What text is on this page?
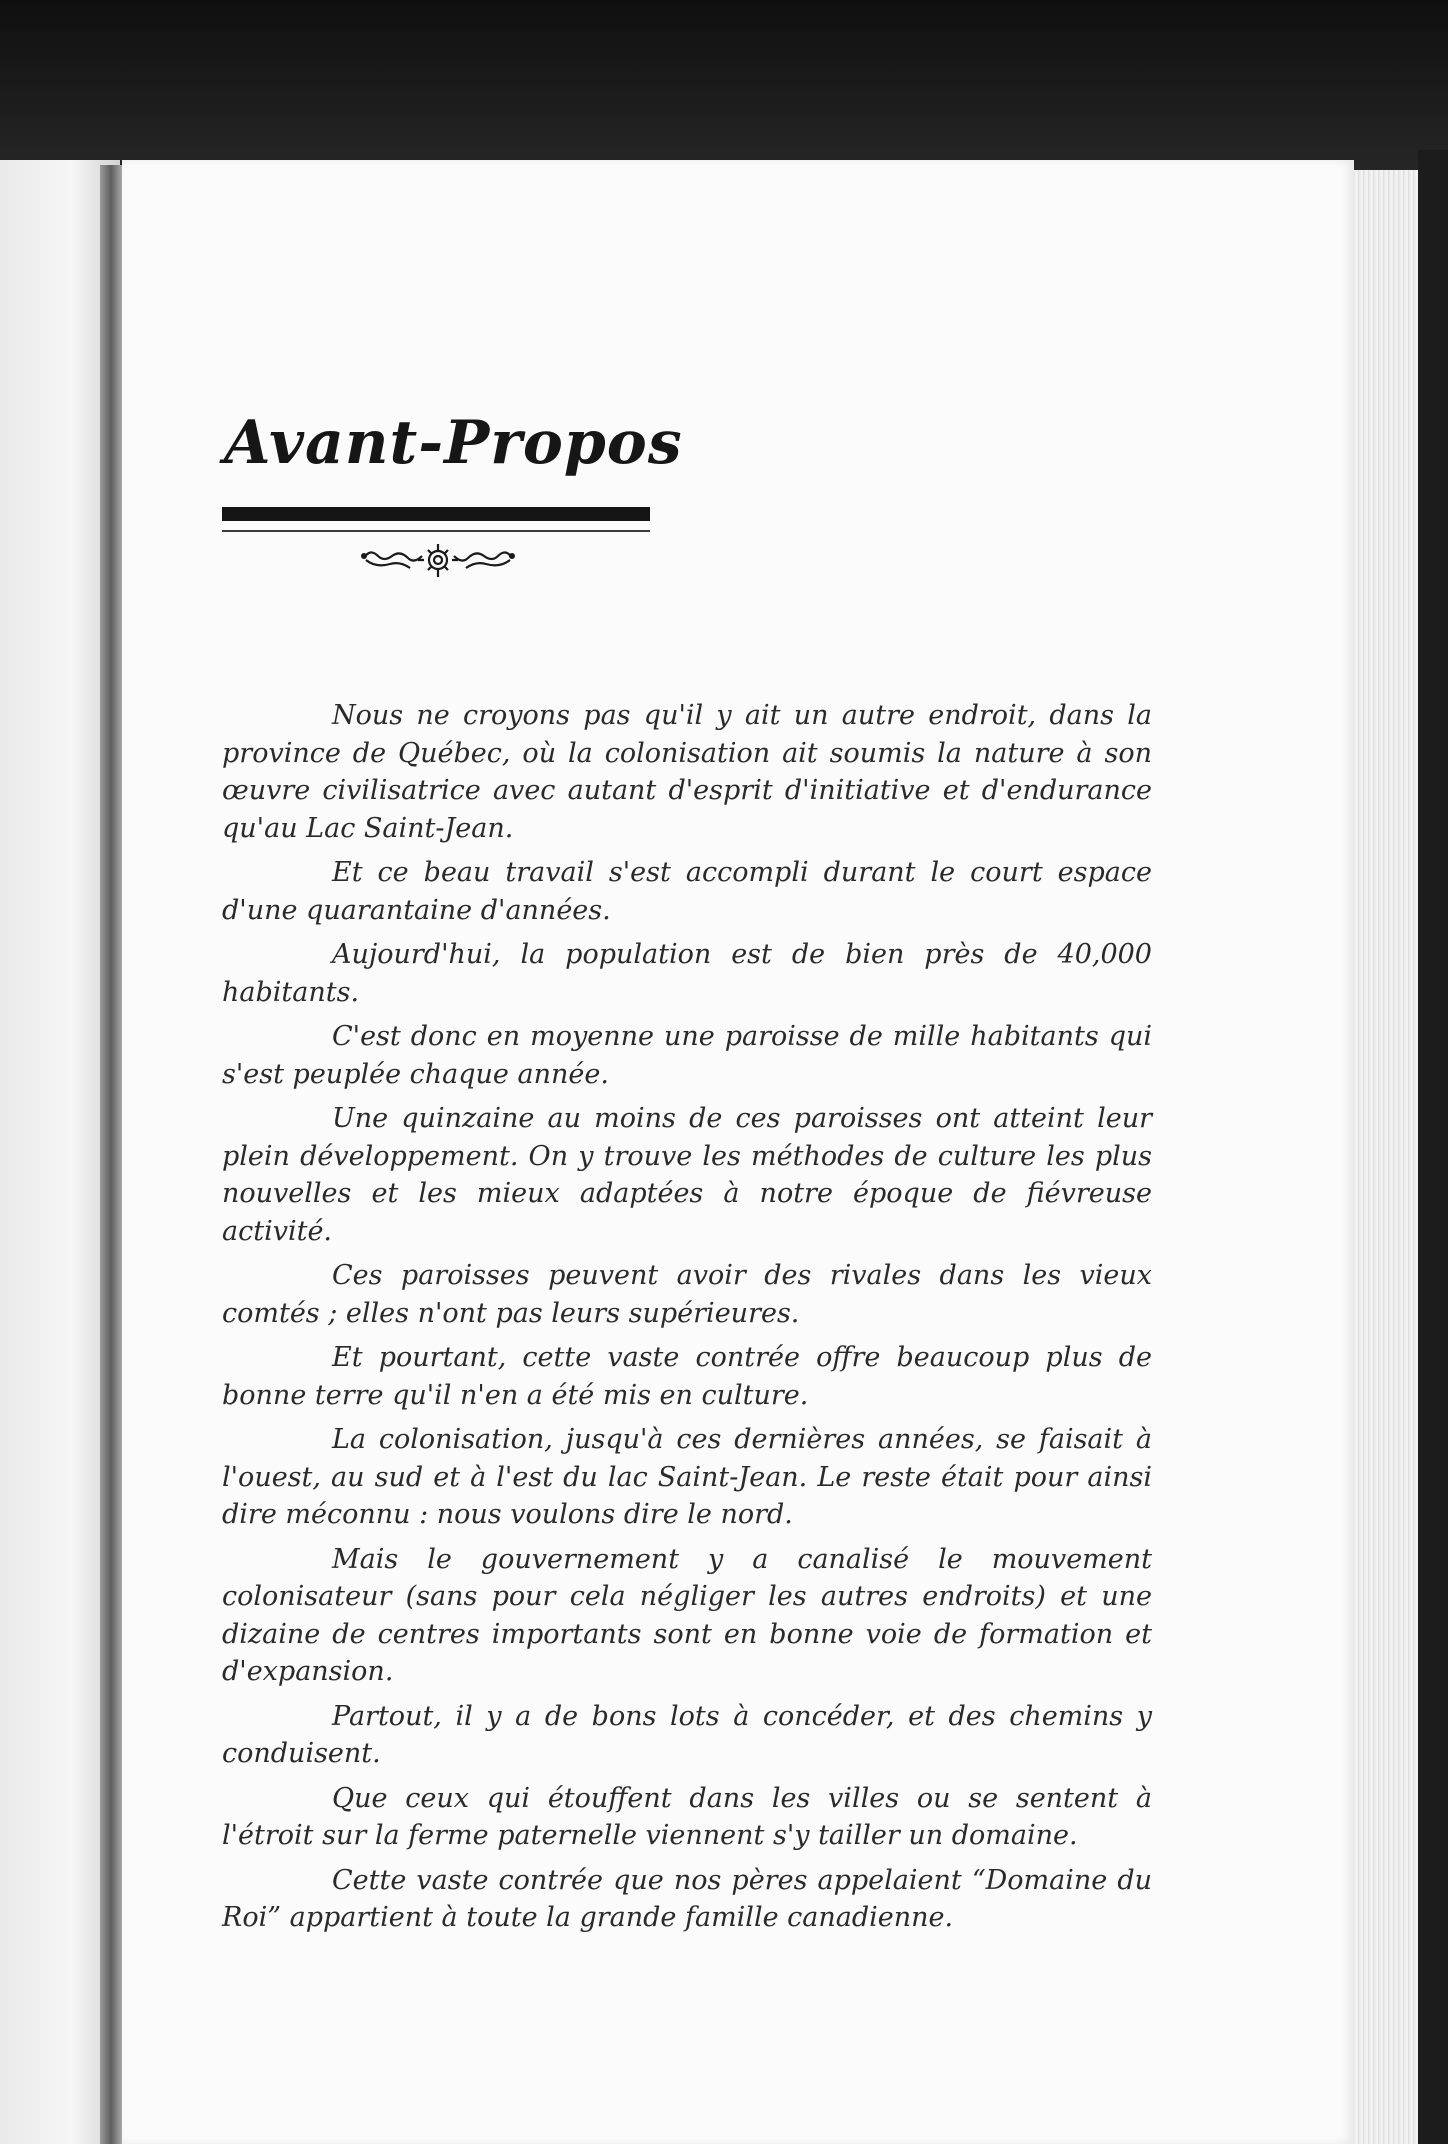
Avant-Propos

Nous ne croyons pas qu'il y ait un autre endroit, dans la province de Québec, où la colonisation ait soumis la nature à son œuvre civilisatrice avec autant d'esprit d'initiative et d'endurance qu'au Lac Saint-Jean.

Et ce beau travail s'est accompli durant le court espace d'une quarantaine d'années.

Aujourd'hui, la population est de bien près de 40,000 habitants.

C'est donc en moyenne une paroisse de mille habitants qui s'est peuplée chaque année.

Une quinzaine au moins de ces paroisses ont atteint leur plein développement. On y trouve les méthodes de culture les plus nouvelles et les mieux adaptées à notre époque de fiévreuse activité.

Ces paroisses peuvent avoir des rivales dans les vieux comtés ; elles n'ont pas leurs supérieures.

Et pourtant, cette vaste contrée offre beaucoup plus de bonne terre qu'il n'en a été mis en culture.

La colonisation, jusqu'à ces dernières années, se faisait à l'ouest, au sud et à l'est du lac Saint-Jean. Le reste était pour ainsi dire méconnu : nous voulons dire le nord.

Mais le gouvernement y a canalisé le mouvement colonisateur (sans pour cela négliger les autres endroits) et une dizaine de centres importants sont en bonne voie de formation et d'expansion.

Partout, il y a de bons lots à concéder, et des chemins y conduisent.

Que ceux qui étouffent dans les villes ou se sentent à l'étroit sur la ferme paternelle viennent s'y tailler un domaine.

Cette vaste contrée que nos pères appelaient “Domaine du Roi” appartient à toute la grande famille canadienne.
